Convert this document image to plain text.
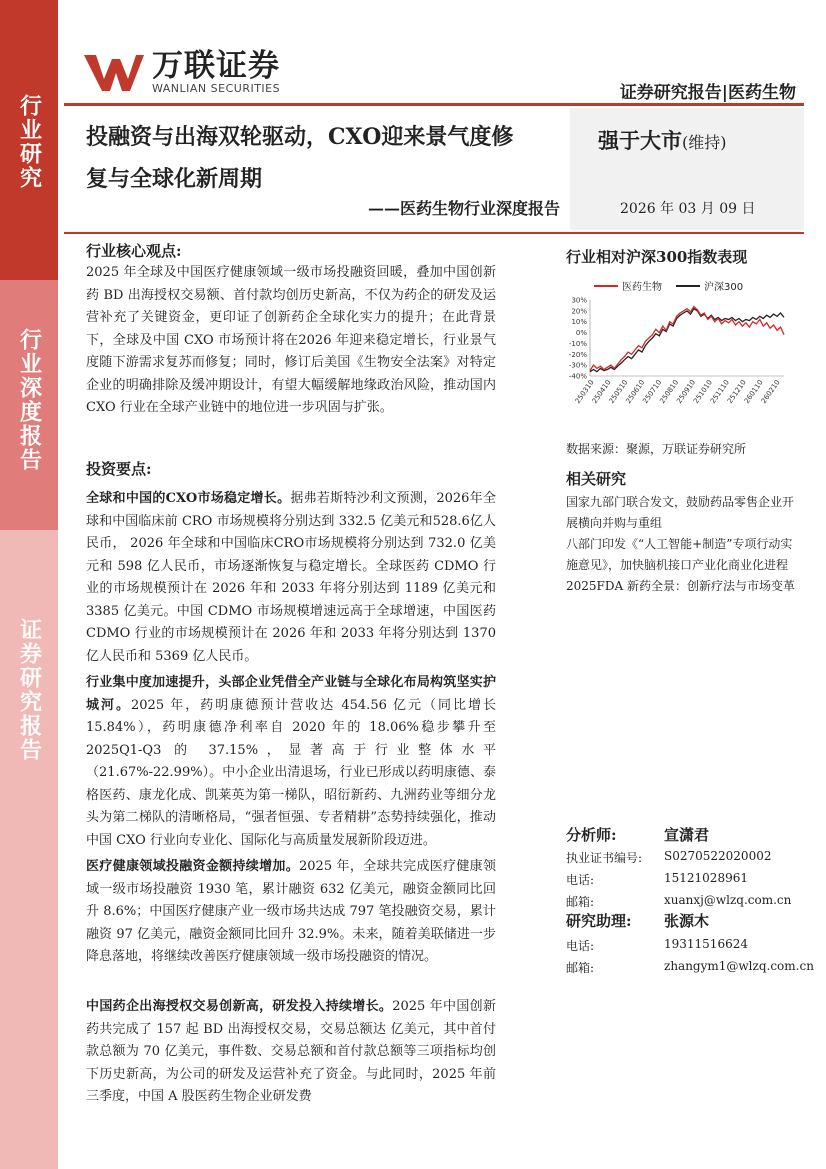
行业研究
行业深度报告
证券研究报告
万联证券
WANLIAN SECURITIES	证券研究报告|医药生物
投融资与出海双轮驱动，CXO迎来景气度修
复与全球化新周期
——医药生物行业深度报告
强于大市(维持)
2026 年 03 月 09 日
行业核心观点:
2025 年全球及中国医疗健康领域一级市场投融资回暖，叠加中国创新药 BD 出海授权交易额、首付款均创历史新高，不仅为药企的研发及运营补充了关键资金，更印证了创新药企全球化实力的提升；在此背景下，全球及中国 CXO 市场预计将在2026 年迎来稳定增长，行业景气度随下游需求复苏而修复；同时，修订后美国《生物安全法案》对特定企业的明确排除及缓冲期设计，有望大幅缓解地缘政治风险，推动国内 CXO 行业在全球产业链中的地位进一步巩固与扩张。
投资要点:
全球和中国的CXO市场稳定增长。据弗若斯特沙利文预测，2026年全球和中国临床前 CRO 市场规模将分别达到 332.5 亿美元和528.6亿人民币， 2026 年全球和中国临床CRO市场规模将分别达到 732.0 亿美元和 598 亿人民币，市场逐渐恢复与稳定增长。全球医药 CDMO 行业的市场规模预计在 2026 年和 2033 年将分别达到 1189 亿美元和 3385 亿美元。中国 CDMO 市场规模增速远高于全球增速，中国医药 CDMO 行业的市场规模预计在 2026 年和 2033 年将分别达到 1370 亿人民币和 5369 亿人民币。
行业集中度加速提升，头部企业凭借全产业链与全球化布局构筑坚实护城河。2025 年，药明康德预计营收达 454.56 亿元（同比增长 15.84%），药明康德净利率自 2020 年的 18.06%稳步攀升至2025Q1-Q3 的 37.15%，显著高于行业整体水平（21.67%-22.99%）。中小企业出清退场，行业已形成以药明康德、泰格医药、康龙化成、凯莱英为第一梯队，昭衍新药、九洲药业等细分龙头为第二梯队的清晰格局，“强者恒强、专者精耕”态势持续强化，推动中国 CXO 行业向专业化、国际化与高质量发展新阶段迈进。
医疗健康领域投融资金额持续增加。2025 年，全球共完成医疗健康领域一级市场投融资 1930 笔，累计融资 632 亿美元，融资金额同比回升 8.6%；中国医疗健康产业一级市场共达成 797 笔投融资交易，累计融资 97 亿美元，融资金额同比回升 32.9%。未来，随着美联储进一步降息落地，将继续改善医疗健康领域一级市场投融资的情况。
中国药企出海授权交易创新高，研发投入持续增长。2025 年中国创新药共完成了 157 起 BD 出海授权交易，交易总额达 亿美元，其中首付款总额为 70 亿美元，事件数、交易总额和首付款总额等三项指标均创下历史新高，为公司的研发及运营补充了资金。与此同时，2025 年前三季度，中国 A 股医药生物企业研发费
行业相对沪深300指数表现
医药生物	沪深300
30%
20%
10%
0%
-10%
-20%
-30%
-40%
250310
250410
250510
250610
250710
250810
250910
251010
251110
251210
260110
260210
数据来源：聚源，万联证券研究所
相关研究
国家九部门联合发文，鼓励药品零售企业开展横向并购与重组
八部门印发《“人工智能+制造”专项行动实施意见》，加快脑机接口产业化商业化进程
2025FDA 新药全景：创新疗法与市场变革
分析师:	宣潇君
执业证书编号: S0270522020002
电话:	15121028961
邮箱:	xuanxj@wlzq.com.cn
研究助理: 张源木
电话:	19311516624
邮箱:	zhangym1@wlzq.com.cn
